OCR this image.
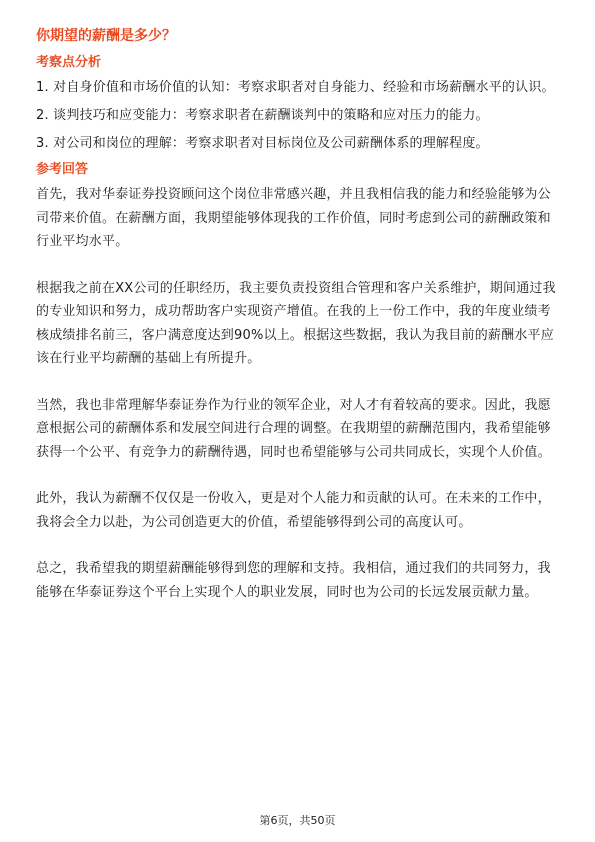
你期望的薪酬是多少？
考察点分析
1. 对自身价值和市场价值的认知：考察求职者对自身能力、经验和市场薪酬水平的认识。
2. 谈判技巧和应变能力：考察求职者在薪酬谈判中的策略和应对压力的能力。
3. 对公司和岗位的理解：考察求职者对目标岗位及公司薪酬体系的理解程度。
参考回答
首先，我对华泰证券投资顾问这个岗位非常感兴趣，并且我相信我的能力和经验能够为公司带来价值。在薪酬方面，我期望能够体现我的工作价值，同时考虑到公司的薪酬政策和行业平均水平。
根据我之前在XX公司的任职经历，我主要负责投资组合管理和客户关系维护，期间通过我的专业知识和努力，成功帮助客户实现资产增值。在我的上一份工作中，我的年度业绩考核成绩排名前三，客户满意度达到90%以上。根据这些数据，我认为我目前的薪酬水平应该在行业平均薪酬的基础上有所提升。
当然，我也非常理解华泰证券作为行业的领军企业，对人才有着较高的要求。因此，我愿意根据公司的薪酬体系和发展空间进行合理的调整。在我期望的薪酬范围内，我希望能够获得一个公平、有竞争力的薪酬待遇，同时也希望能够与公司共同成长，实现个人价值。
此外，我认为薪酬不仅仅是一份收入，更是对个人能力和贡献的认可。在未来的工作中，我将会全力以赴，为公司创造更大的价值，希望能够得到公司的高度认可。
总之，我希望我的期望薪酬能够得到您的理解和支持。我相信，通过我们的共同努力，我能够在华泰证券这个平台上实现个人的职业发展，同时也为公司的长远发展贡献力量。
第6页，共50页
